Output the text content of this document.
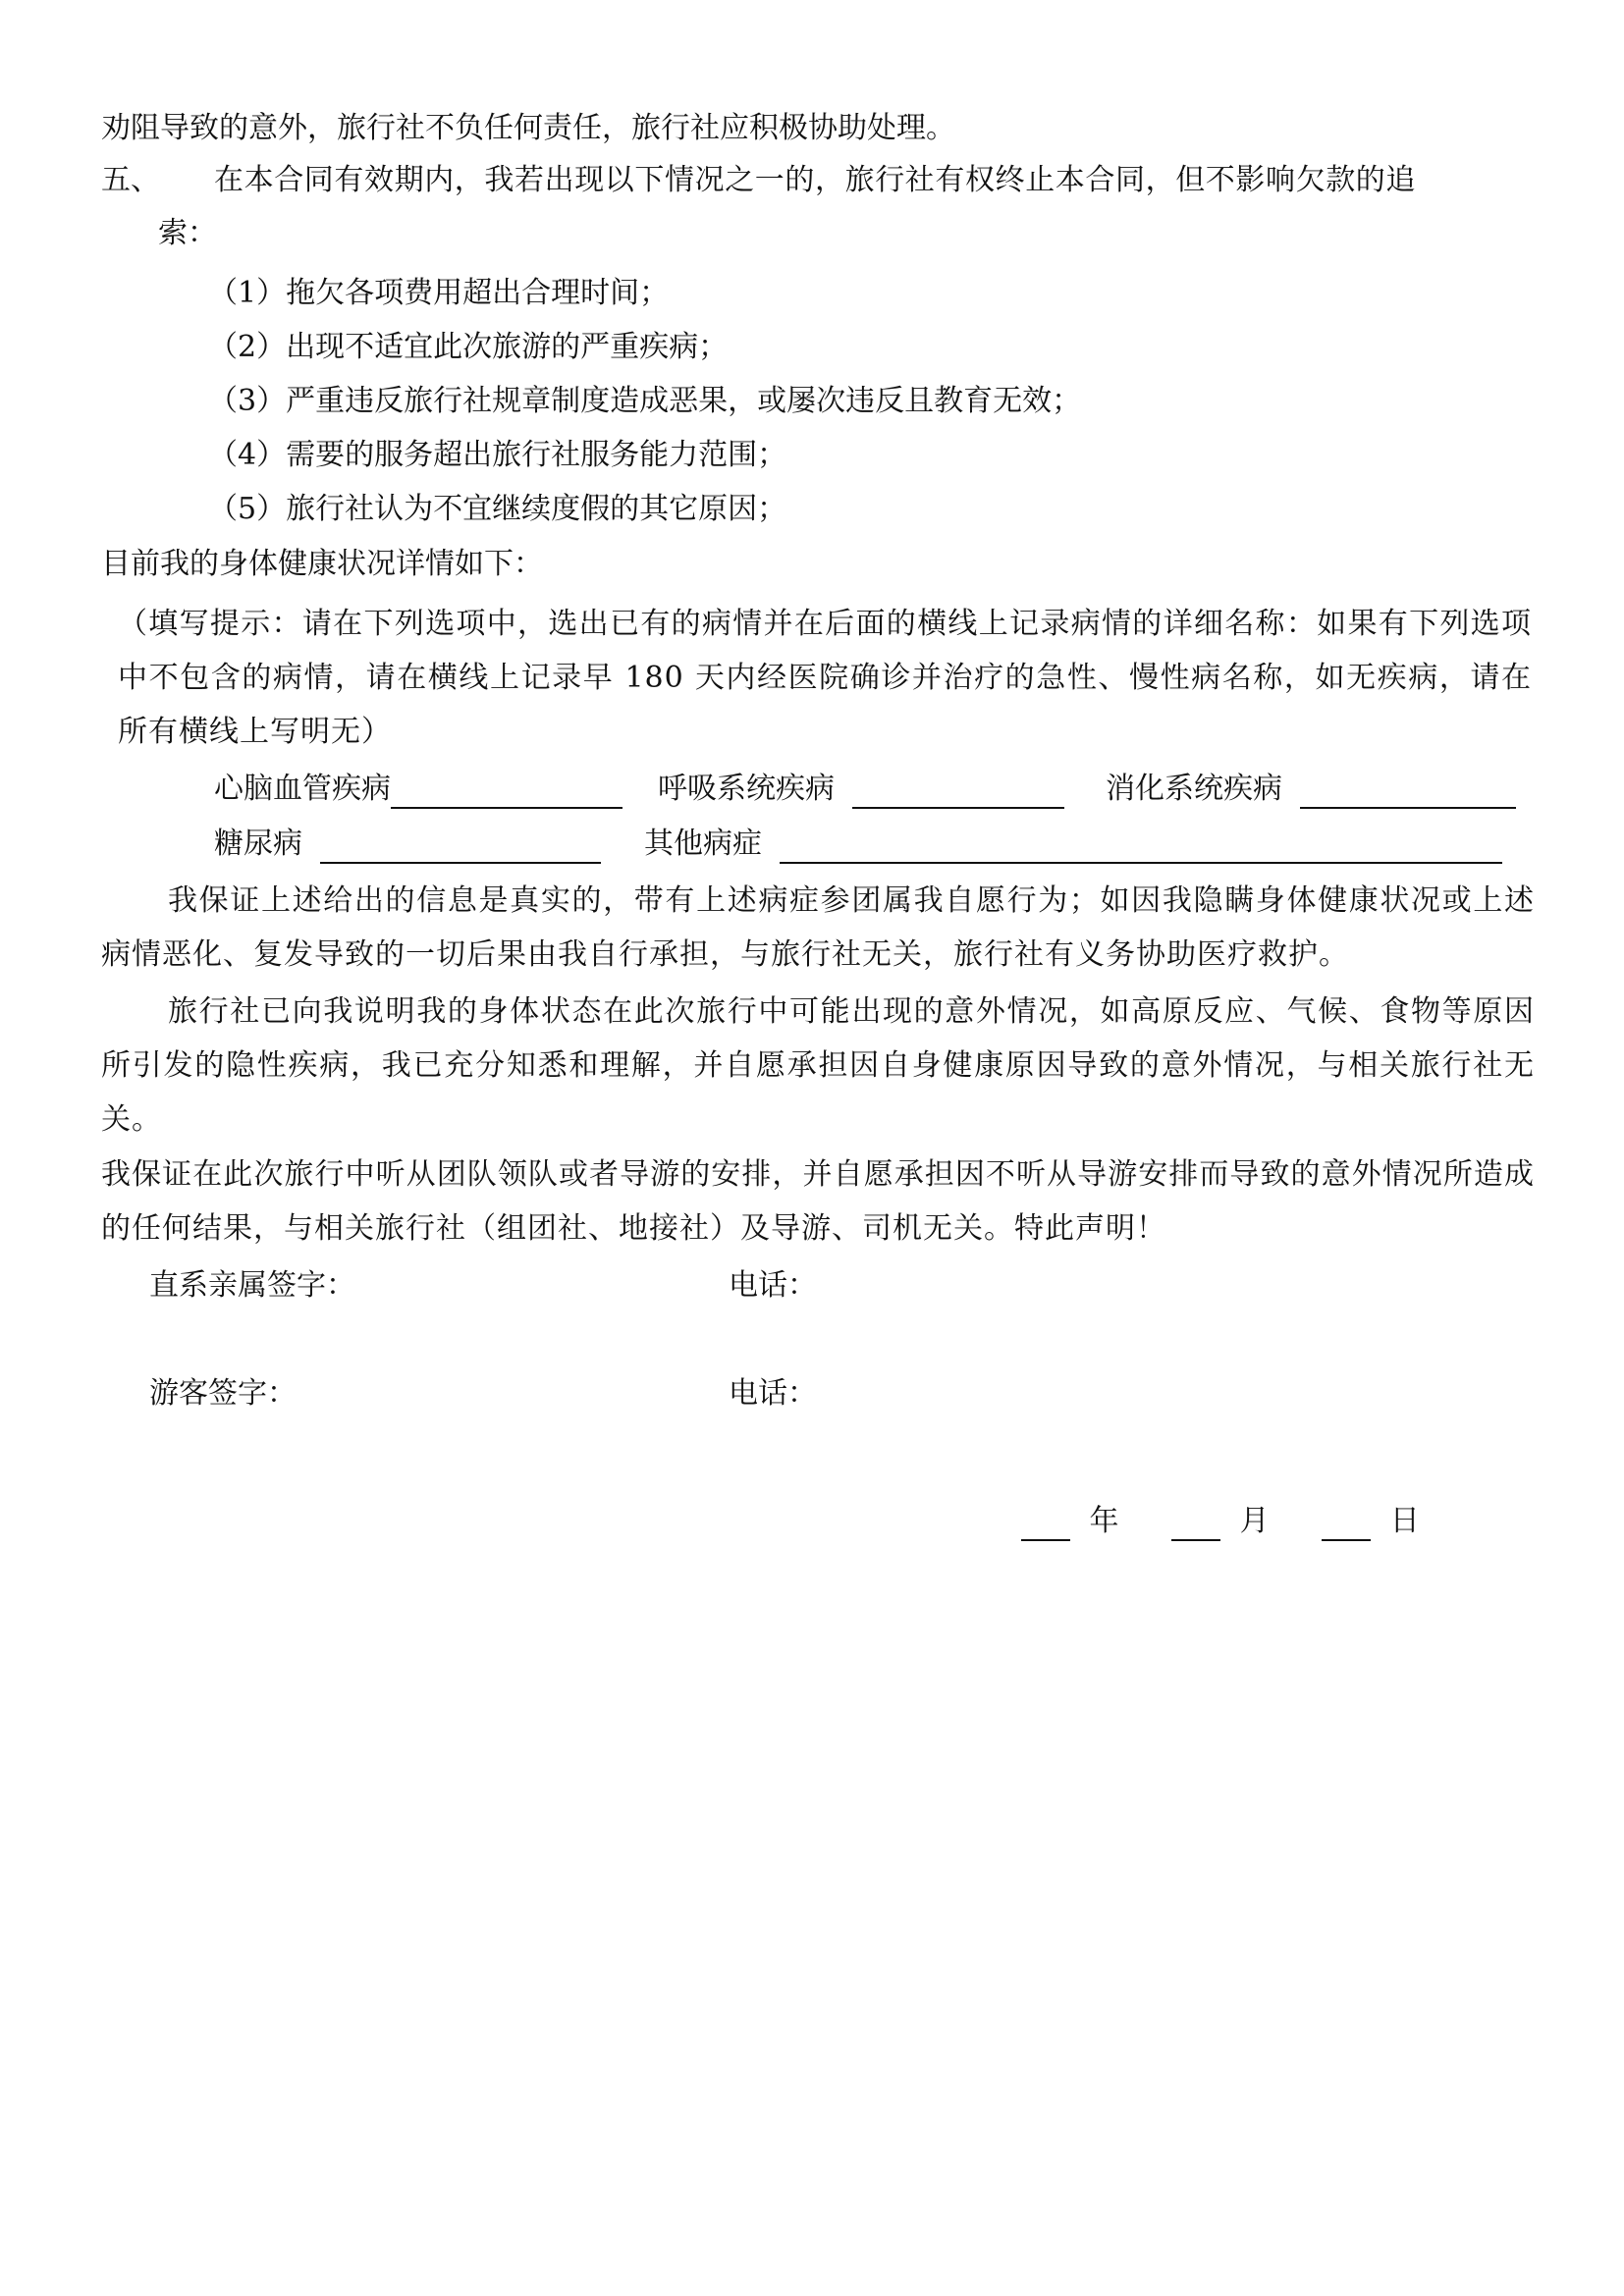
劝阻导致的意外，旅行社不负任何责任，旅行社应积极协助处理。
五、 在本合同有效期内，我若出现以下情况之一的，旅行社有权终止本合同，但不影响欠款的追
索：
（1）拖欠各项费用超出合理时间；
（2）出现不适宜此次旅游的严重疾病；
（3）严重违反旅行社规章制度造成恶果，或屡次违反且教育无效；
（4）需要的服务超出旅行社服务能力范围；
（5）旅行社认为不宜继续度假的其它原因；
目前我的身体健康状况详情如下：
（填写提示：请在下列选项中，选出已有的病情并在后面的横线上记录病情的详细名称：如果有下列选项中不包含的病情，请在横线上记录早 180 天内经医院确诊并治疗的急性、慢性病名称，如无疾病，请在所有横线上写明无）
心脑血管疾病	呼吸系统疾病	消化系统疾病
糖尿病	其他病症
我保证上述给出的信息是真实的，带有上述病症参团属我自愿行为；如因我隐瞒身体健康状况或上述病情恶化、复发导致的一切后果由我自行承担，与旅行社无关，旅行社有义务协助医疗救护。
旅行社已向我说明我的身体状态在此次旅行中可能出现的意外情况，如高原反应、气候、食物等原因所引发的隐性疾病，我已充分知悉和理解，并自愿承担因自身健康原因导致的意外情况，与相关旅行社无关。
我保证在此次旅行中听从团队领队或者导游的安排，并自愿承担因不听从导游安排而导致的意外情况所造成的任何结果，与相关旅行社（组团社、地接社）及导游、司机无关。特此声明！
直系亲属签字：	电话：
游客签字：	电话：
年	月	日
